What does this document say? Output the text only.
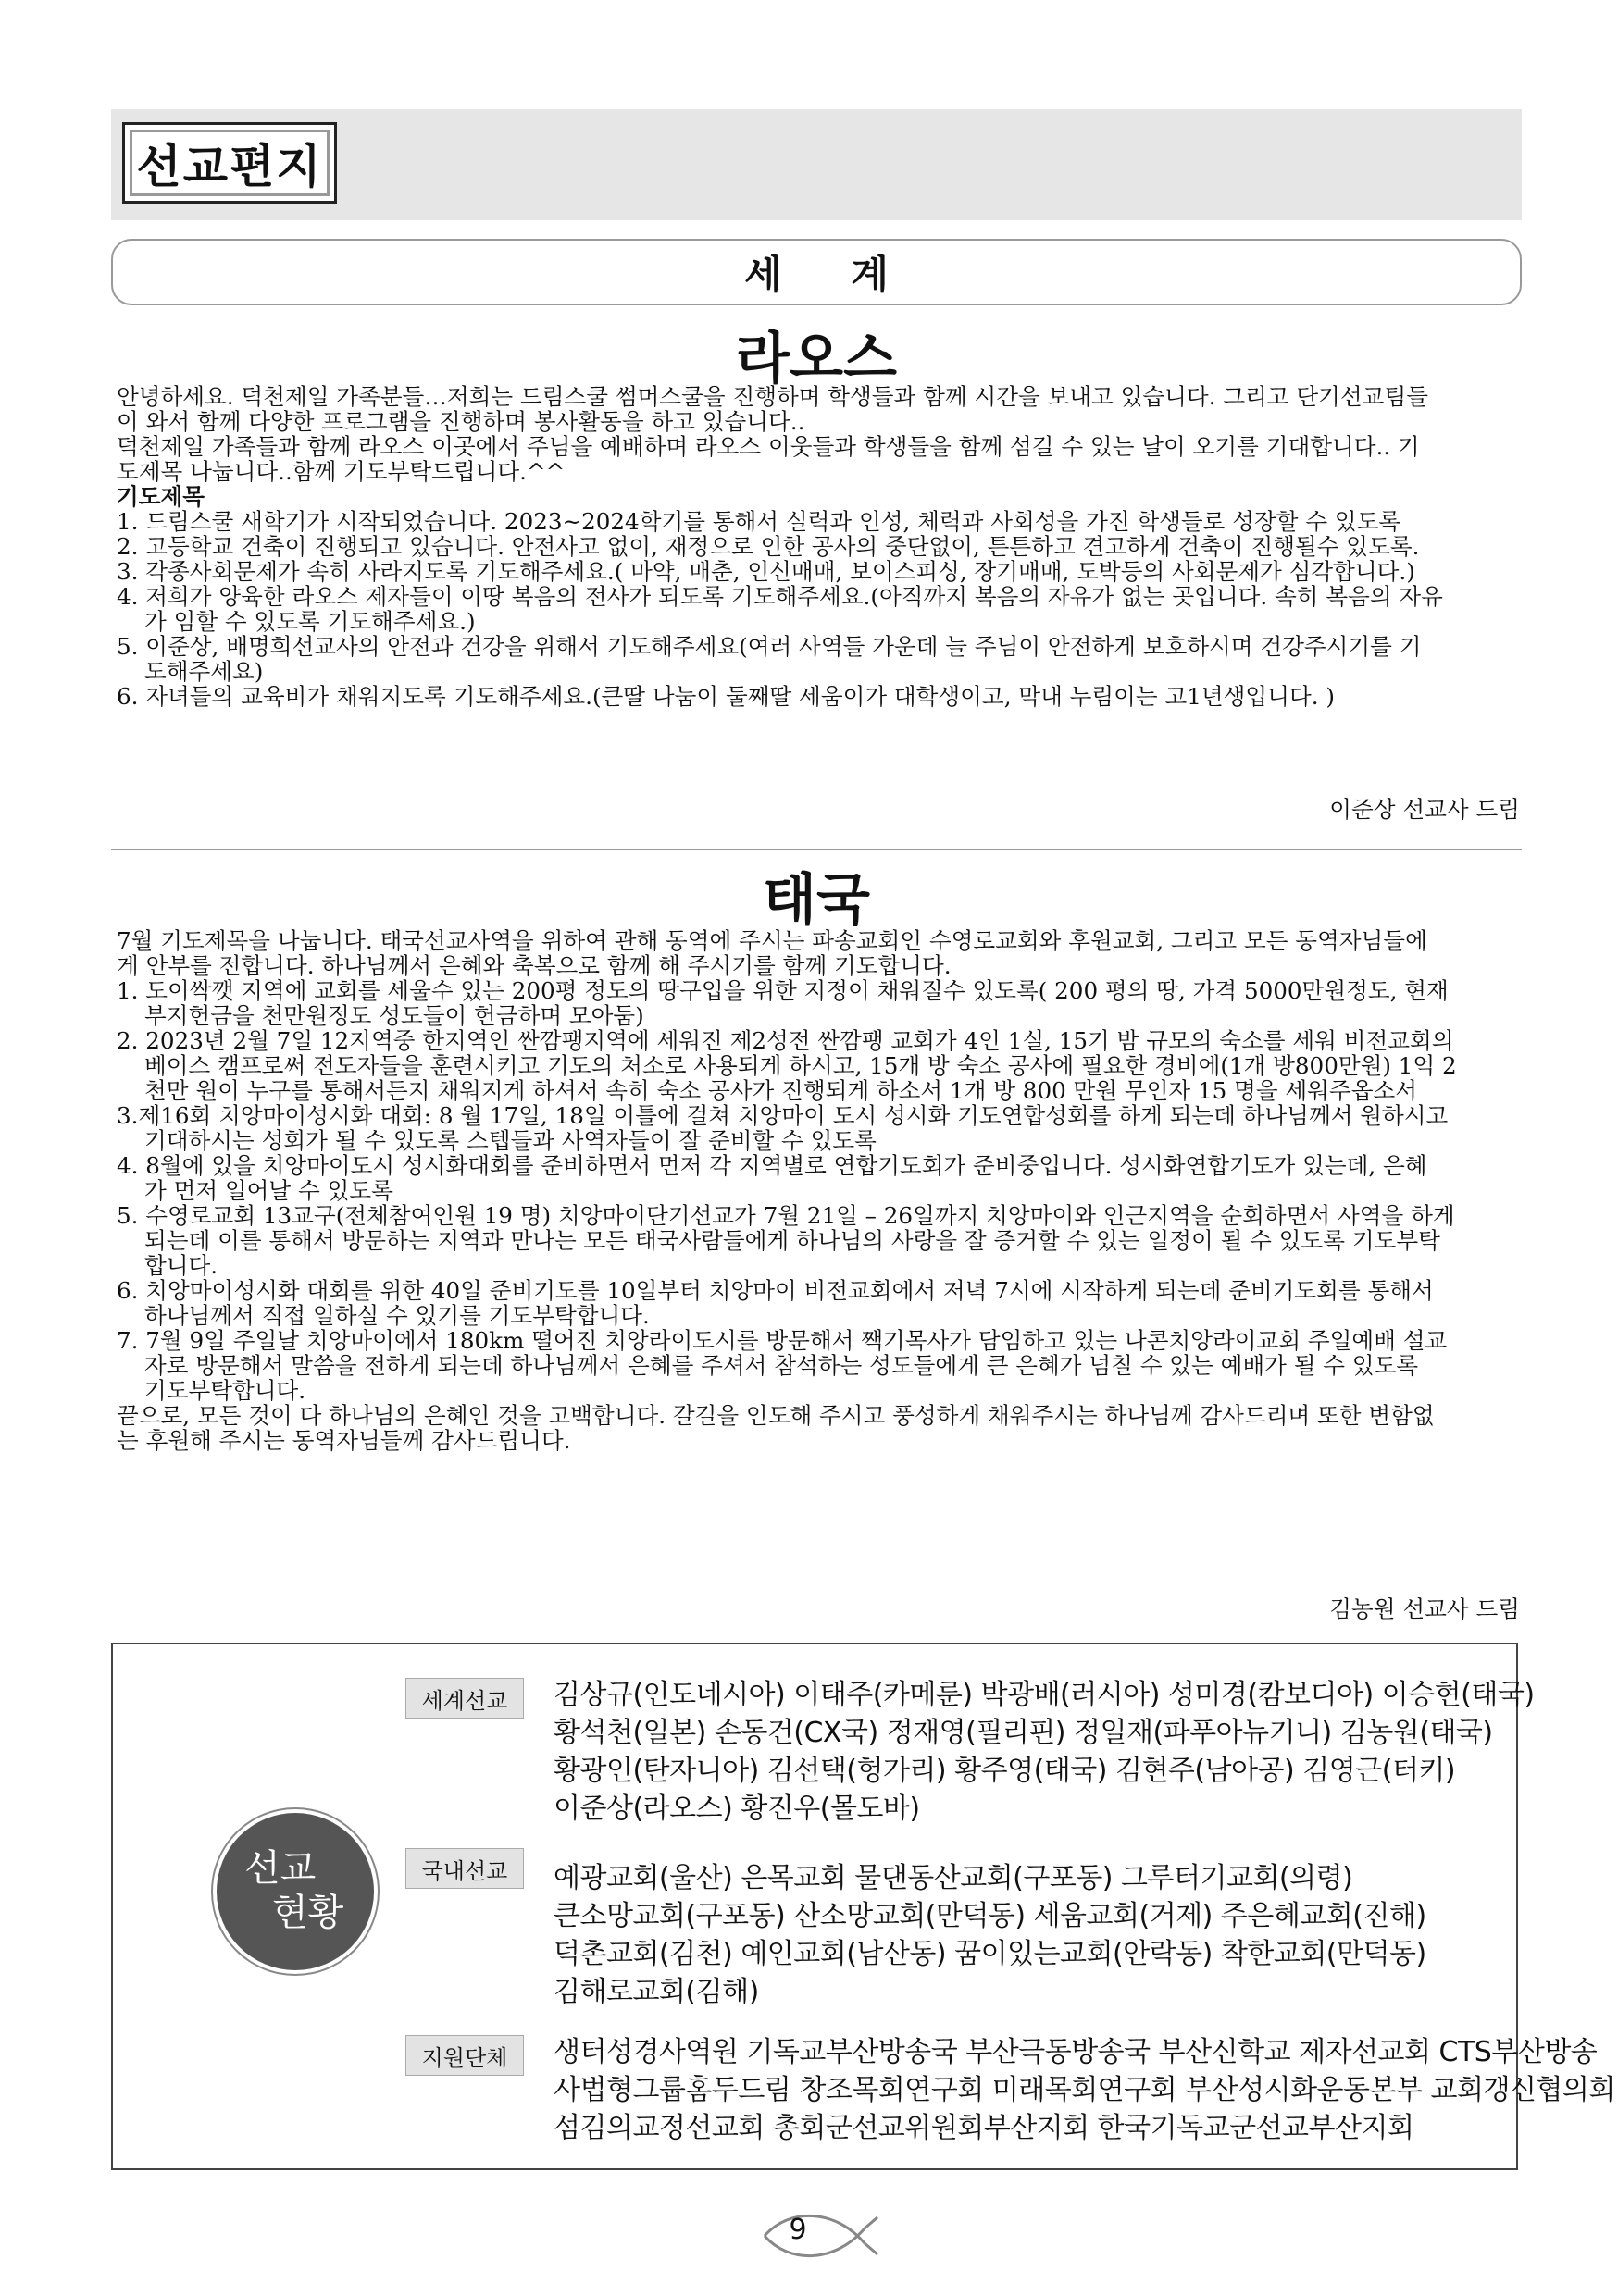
선교편지
세 계
라오스
안녕하세요. 덕천제일 가족분들…저희는 드림스쿨 썸머스쿨을 진행하며 학생들과 함께 시간을 보내고 있습니다. 그리고 단기선교팀들
이 와서 함께 다양한 프로그램을 진행하며 봉사활동을 하고 있습니다..
덕천제일 가족들과 함께 라오스 이곳에서 주님을 예배하며 라오스 이웃들과 학생들을 함께 섬길 수 있는 날이 오기를 기대합니다.. 기
도제목 나눕니다..함께 기도부탁드립니다.^^
기도제목
1. 드림스쿨 새학기가 시작되었습니다. 2023~2024학기를 통해서 실력과 인성, 체력과 사회성을 가진 학생들로 성장할 수 있도록
2. 고등학교 건축이 진행되고 있습니다. 안전사고 없이, 재정으로 인한 공사의 중단없이, 튼튼하고 견고하게 건축이 진행될수 있도록.
3. 각종사회문제가 속히 사라지도록 기도해주세요.( 마약, 매춘, 인신매매, 보이스피싱, 장기매매, 도박등의 사회문제가 심각합니다.)
4. 저희가 양육한 라오스 제자들이 이땅 복음의 전사가 되도록 기도해주세요.(아직까지 복음의 자유가 없는 곳입니다. 속히 복음의 자유
가 임할 수 있도록 기도해주세요.)
5. 이준상, 배명희선교사의 안전과 건강을 위해서 기도해주세요(여러 사역들 가운데 늘 주님이 안전하게 보호하시며 건강주시기를 기
도해주세요)
6. 자녀들의 교육비가 채워지도록 기도해주세요.(큰딸 나눔이 둘째딸 세움이가 대학생이고, 막내 누림이는 고1년생입니다. )
이준상 선교사 드림
태국
7월 기도제목을 나눕니다. 태국선교사역을 위하여 관해 동역에 주시는 파송교회인 수영로교회와 후원교회, 그리고 모든 동역자님들에
게 안부를 전합니다. 하나님께서 은혜와 축복으로 함께 해 주시기를 함께 기도합니다.
1. 도이싹깻 지역에 교회를 세울수 있는 200평 정도의 땅구입을 위한 지정이 채워질수 있도록( 200 평의 땅, 가격 5000만원정도, 현재
부지헌금을 천만원정도 성도들이 헌금하며 모아둠)
2. 2023년 2월 7일 12지역중 한지역인 싼깜팽지역에 세워진 제2성전 싼깜팽 교회가 4인 1실, 15기 밤 규모의 숙소를 세워 비전교회의
베이스 캠프로써 전도자들을 훈련시키고 기도의 처소로 사용되게 하시고, 15개 방 숙소 공사에 필요한 경비에(1개 방800만원) 1억 2
천만 원이 누구를 통해서든지 채워지게 하셔서 속히 숙소 공사가 진행되게 하소서 1개 방 800 만원 무인자 15 명을 세워주옵소서
3.제16회 치앙마이성시화 대회: 8 월 17일, 18일 이틀에 걸쳐 치앙마이 도시 성시화 기도연합성회를 하게 되는데 하나님께서 원하시고
기대하시는 성회가 될 수 있도록 스텝들과 사역자들이 잘 준비할 수 있도록
4. 8월에 있을 치앙마이도시 성시화대회를 준비하면서 먼저 각 지역별로 연합기도회가 준비중입니다. 성시화연합기도가 있는데, 은혜
가 먼저 일어날 수 있도록
5. 수영로교회 13교구(전체참여인원 19 명) 치앙마이단기선교가 7월 21일 – 26일까지 치앙마이와 인근지역을 순회하면서 사역을 하게
되는데 이를 통해서 방문하는 지역과 만나는 모든 태국사람들에게 하나님의 사랑을 잘 증거할 수 있는 일정이 될 수 있도록 기도부탁
합니다.
6. 치앙마이성시화 대회를 위한 40일 준비기도를 10일부터 치앙마이 비전교회에서 저녁 7시에 시작하게 되는데 준비기도회를 통해서
하나님께서 직접 일하실 수 있기를 기도부탁합니다.
7. 7월 9일 주일날 치앙마이에서 180km 떨어진 치앙라이도시를 방문해서 짹기목사가 담임하고 있는 나콘치앙라이교회 주일예배 설교
자로 방문해서 말씀을 전하게 되는데 하나님께서 은혜를 주셔서 참석하는 성도들에게 큰 은혜가 넘칠 수 있는 예배가 될 수 있도록
기도부탁합니다.
끝으로, 모든 것이 다 하나님의 은혜인 것을 고백합니다. 갈길을 인도해 주시고 풍성하게 채워주시는 하나님께 감사드리며 또한 변함없
는 후원해 주시는 동역자님들께 감사드립니다.
김농원 선교사 드림
선교
현황
세계선교	김상규(인도네시아) 이태주(카메룬) 박광배(러시아) 성미경(캄보디아) 이승현(태국)
황석천(일본) 손동건(CX국) 정재영(필리핀) 정일재(파푸아뉴기니) 김농원(태국)
황광인(탄자니아) 김선택(헝가리) 황주영(태국) 김현주(남아공) 김영근(터키)
이준상(라오스) 황진우(몰도바)
국내선교	예광교회(울산) 은목교회 물댄동산교회(구포동) 그루터기교회(의령)
큰소망교회(구포동) 산소망교회(만덕동) 세움교회(거제) 주은혜교회(진해)
덕촌교회(김천) 예인교회(남산동) 꿈이있는교회(안락동) 착한교회(만덕동)
김해로교회(김해)
지원단체	생터성경사역원 기독교부산방송국 부산극동방송국 부산신학교 제자선교회 CTS부산방송
사법형그룹홈두드림 창조목회연구회 미래목회연구회 부산성시화운동본부 교회갱신협의회
섬김의교정선교회 총회군선교위원회부산지회 한국기독교군선교부산지회
9
